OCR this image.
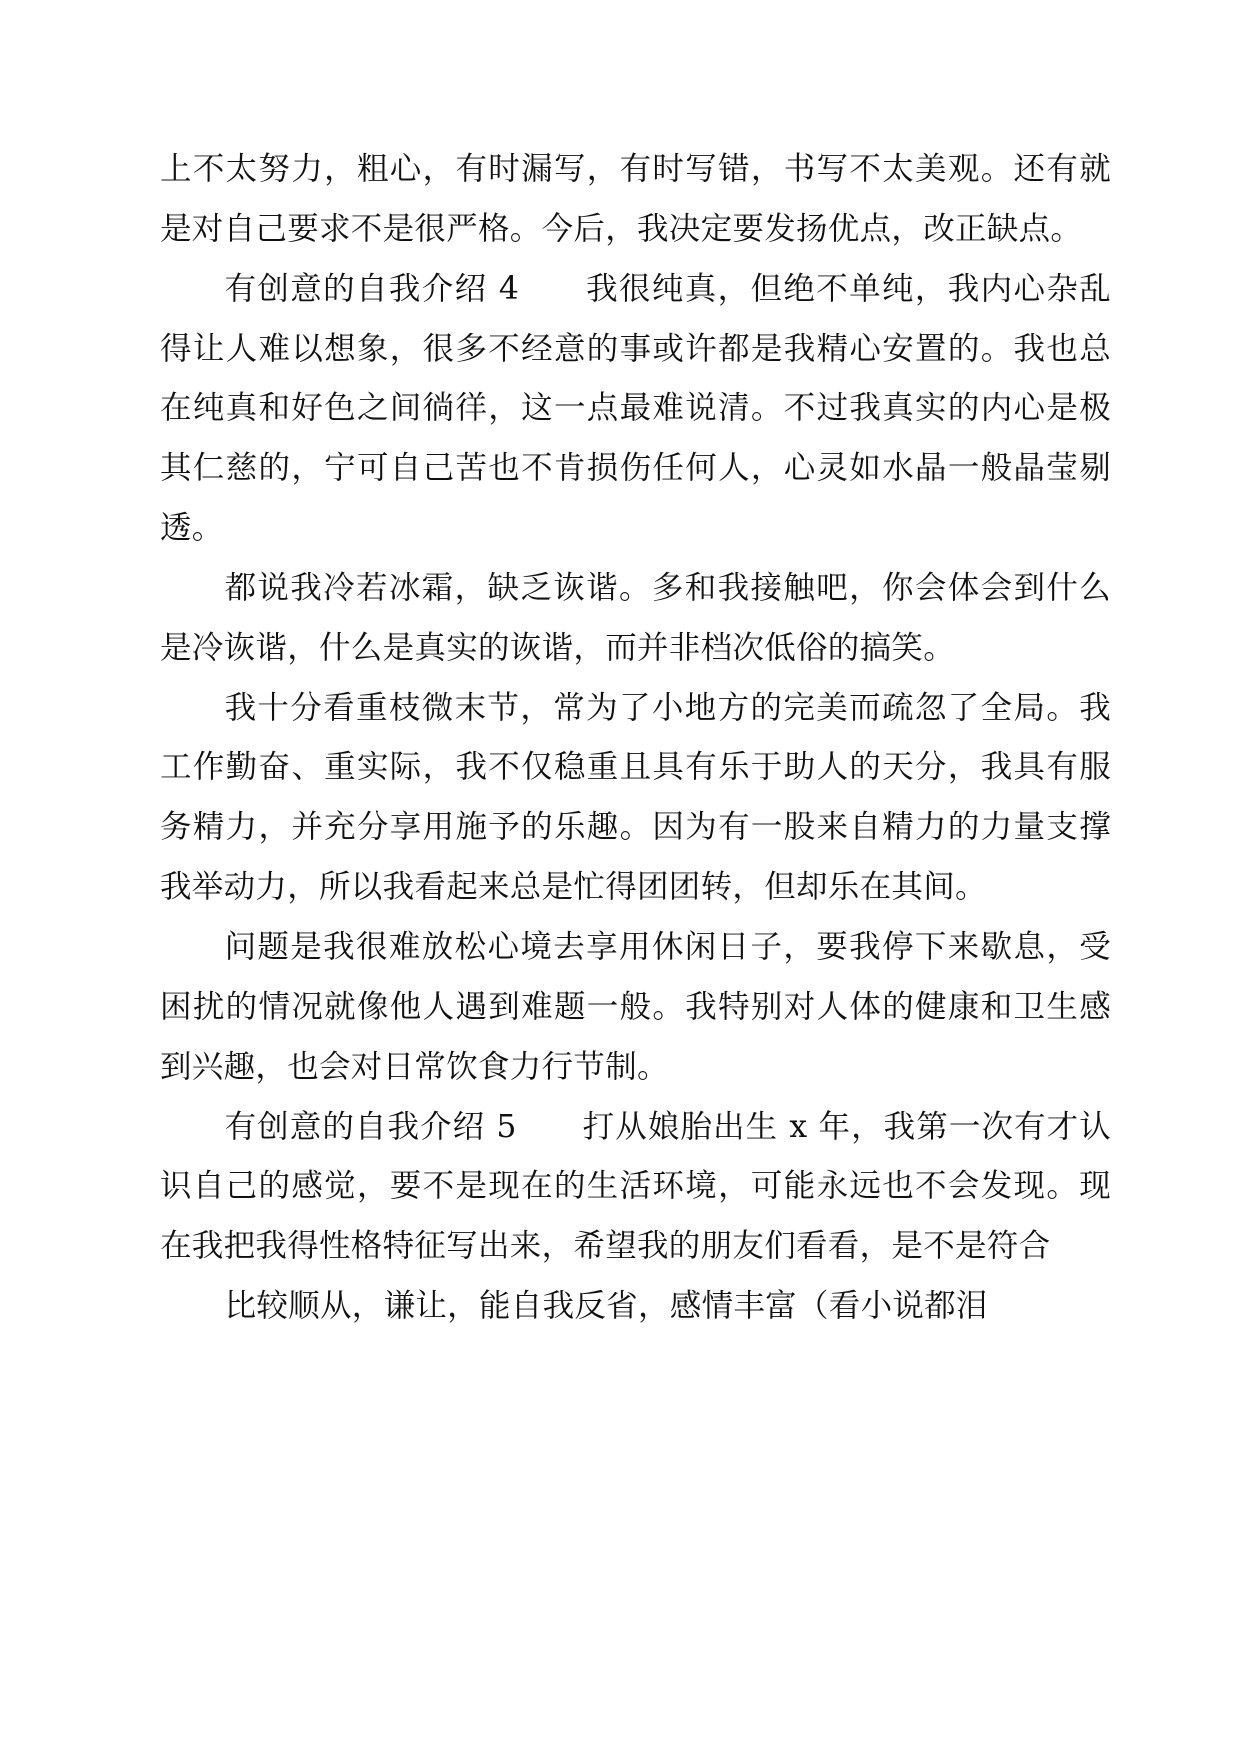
上不太努力，粗心，有时漏写，有时写错，书写不太美观。还有就是对自己要求不是很严格。今后，我决定要发扬优点，改正缺点。

有创意的自我介绍 4　　我很纯真，但绝不单纯，我内心杂乱得让人难以想象，很多不经意的事或许都是我精心安置的。我也总在纯真和好色之间徜徉，这一点最难说清。不过我真实的内心是极其仁慈的，宁可自己苦也不肯损伤任何人，心灵如水晶一般晶莹剔透。

都说我冷若冰霜，缺乏诙谐。多和我接触吧，你会体会到什么是冷诙谐，什么是真实的诙谐，而并非档次低俗的搞笑。

我十分看重枝微末节，常为了小地方的完美而疏忽了全局。我工作勤奋、重实际，我不仅稳重且具有乐于助人的天分，我具有服务精力，并充分享用施予的乐趣。因为有一股来自精力的力量支撑我举动力，所以我看起来总是忙得团团转，但却乐在其间。

问题是我很难放松心境去享用休闲日子，要我停下来歇息，受困扰的情况就像他人遇到难题一般。我特别对人体的健康和卫生感到兴趣，也会对日常饮食力行节制。

有创意的自我介绍 5　　打从娘胎出生 x 年，我第一次有才认识自己的感觉，要不是现在的生活环境，可能永远也不会发现。现在我把我得性格特征写出来，希望我的朋友们看看，是不是符合

比较顺从，谦让，能自我反省，感情丰富（看小说都泪
